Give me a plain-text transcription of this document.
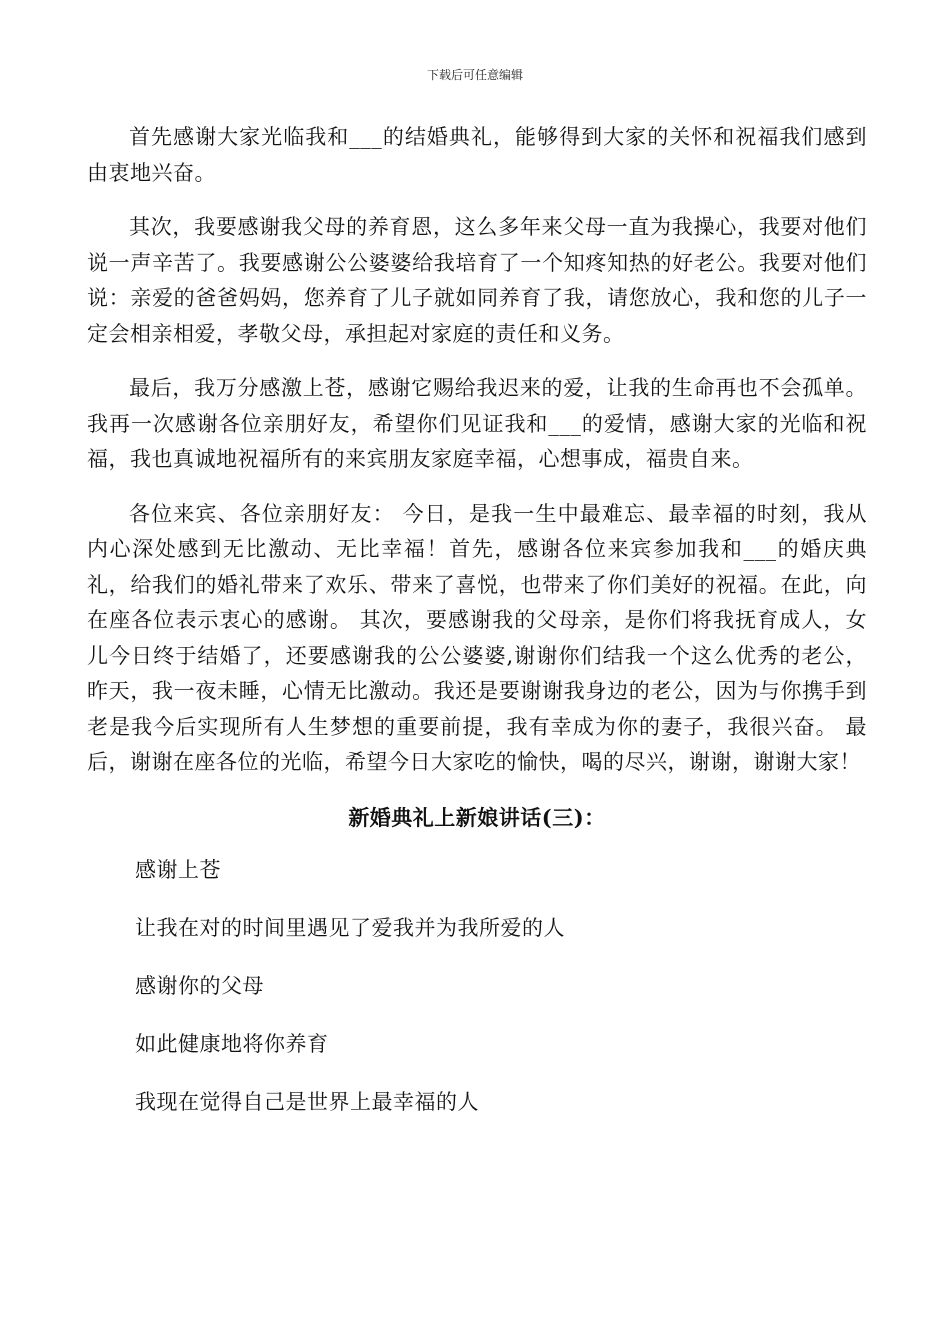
下载后可任意编辑

首先感谢大家光临我和___的结婚典礼，能够得到大家的关怀和祝福我们感到由衷地兴奋。

其次，我要感谢我父母的养育恩，这么多年来父母一直为我操心，我要对他们说一声辛苦了。我要感谢公公婆婆给我培育了一个知疼知热的好老公。我要对他们说：亲爱的爸爸妈妈，您养育了儿子就如同养育了我，请您放心，我和您的儿子一定会相亲相爱，孝敬父母，承担起对家庭的责任和义务。

最后，我万分感激上苍，感谢它赐给我迟来的爱，让我的生命再也不会孤单。我再一次感谢各位亲朋好友，希望你们见证我和___的爱情，感谢大家的光临和祝福，我也真诚地祝福所有的来宾朋友家庭幸福，心想事成，福贵自来。

各位来宾、各位亲朋好友： 今日，是我一生中最难忘、最幸福的时刻，我从内心深处感到无比激动、无比幸福！首先，感谢各位来宾参加我和___的婚庆典礼，给我们的婚礼带来了欢乐、带来了喜悦，也带来了你们美好的祝福。在此，向在座各位表示衷心的感谢。 其次，要感谢我的父母亲，是你们将我抚育成人，女儿今日终于结婚了，还要感谢我的公公婆婆,谢谢你们结我一个这么优秀的老公，昨天，我一夜未睡，心情无比激动。我还是要谢谢我身边的老公，因为与你携手到老是我今后实现所有人生梦想的重要前提，我有幸成为你的妻子，我很兴奋。 最后，谢谢在座各位的光临，希望今日大家吃的愉快，喝的尽兴，谢谢，谢谢大家！

新婚典礼上新娘讲话(三)：
感谢上苍
让我在对的时间里遇见了爱我并为我所爱的人
感谢你的父母
如此健康地将你养育
我现在觉得自己是世界上最幸福的人
